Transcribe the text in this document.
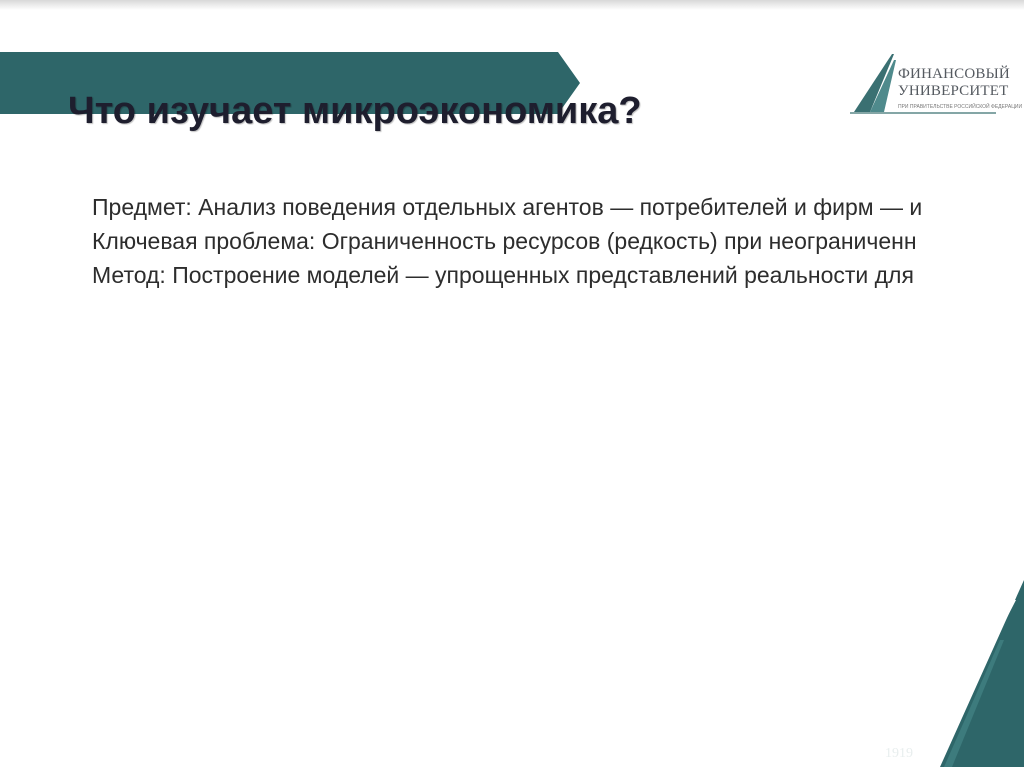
Что изучает микроэкономика?
ФИНАНСОВЫЙ
УНИВЕРСИТЕТ
ПРИ ПРАВИТЕЛЬСТВЕ РОССИЙСКОЙ ФЕДЕРАЦИИ
Предмет: Анализ поведения отдельных агентов — потребителей и фирм — и
Ключевая проблема: Ограниченность ресурсов (редкость) при неограниченн
Метод: Построение моделей — упрощенных представлений реальности для
1919
